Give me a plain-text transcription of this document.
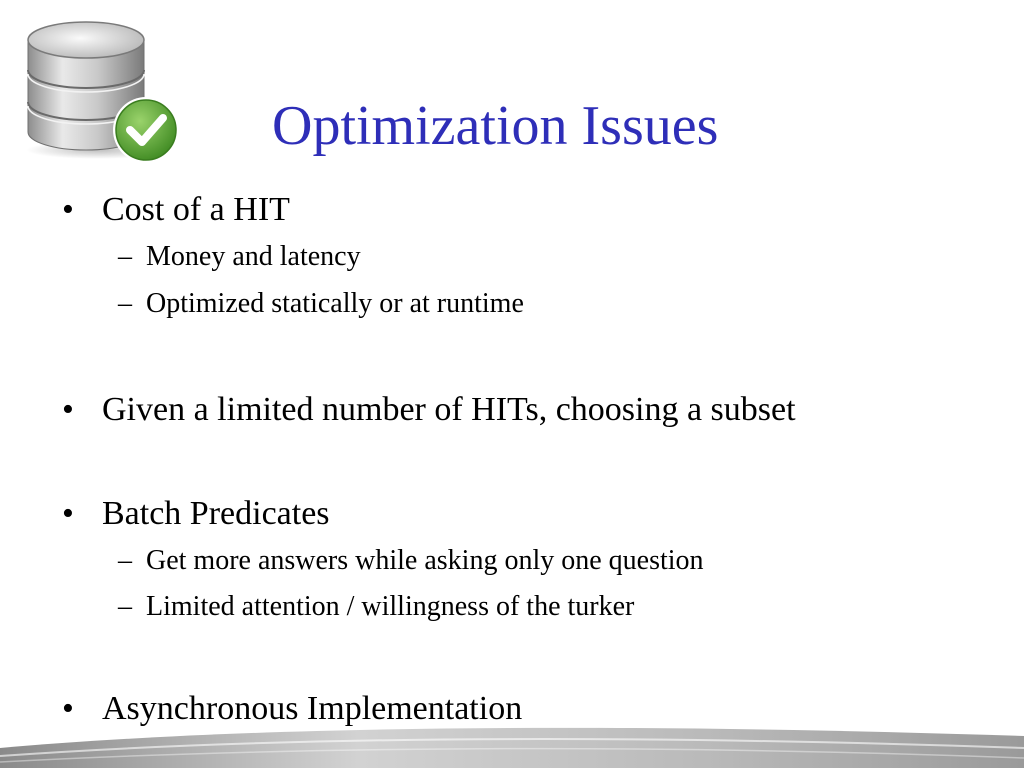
Optimization Issues
• Cost of a HIT
– Money and latency
– Optimized statically or at runtime
• Given a limited number of HITs, choosing a subset
• Batch Predicates
– Get more answers while asking only one question
– Limited attention / willingness of the turker
• Asynchronous Implementation
